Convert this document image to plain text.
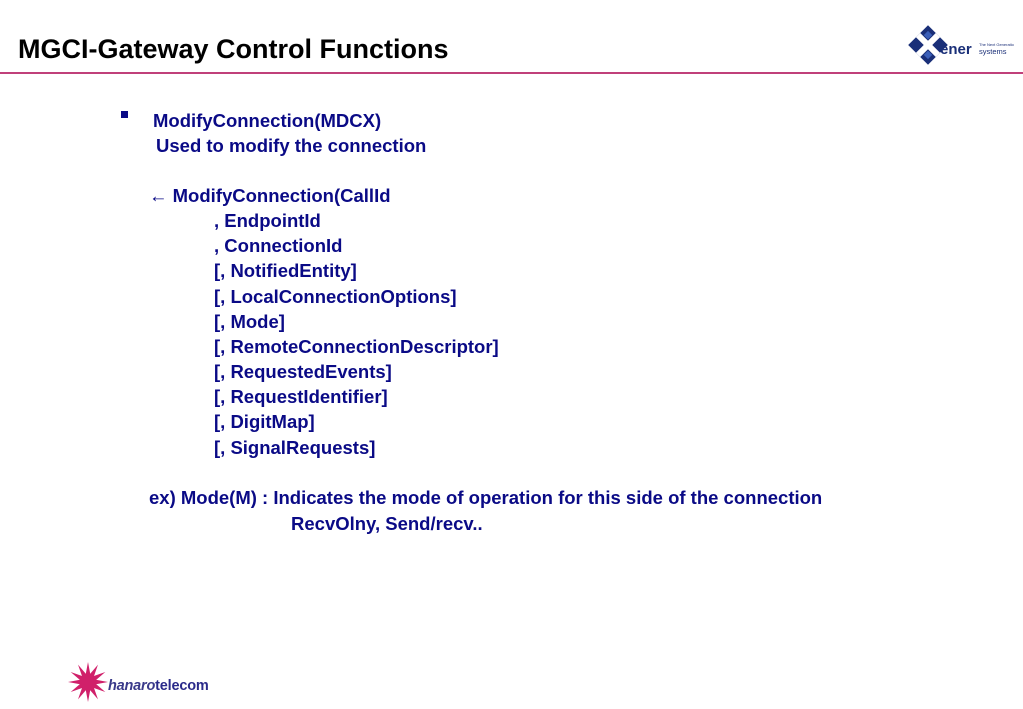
MGCI-Gateway Control Functions	ener systems
The Next Generation
ModifyConnection(MDCX)
Used to modify the connection
← ModifyConnection(CallId
, EndpointId
, ConnectionId
[, NotifiedEntity]
[, LocalConnectionOptions]
[, Mode]
[, RemoteConnectionDescriptor]
[, RequestedEvents]
[, RequestIdentifier]
[, DigitMap]
[, SignalRequests]
ex) Mode(M) : Indicates the mode of operation for this side of the connection
RecvOlny, Send/recv..
hanarotelecom
